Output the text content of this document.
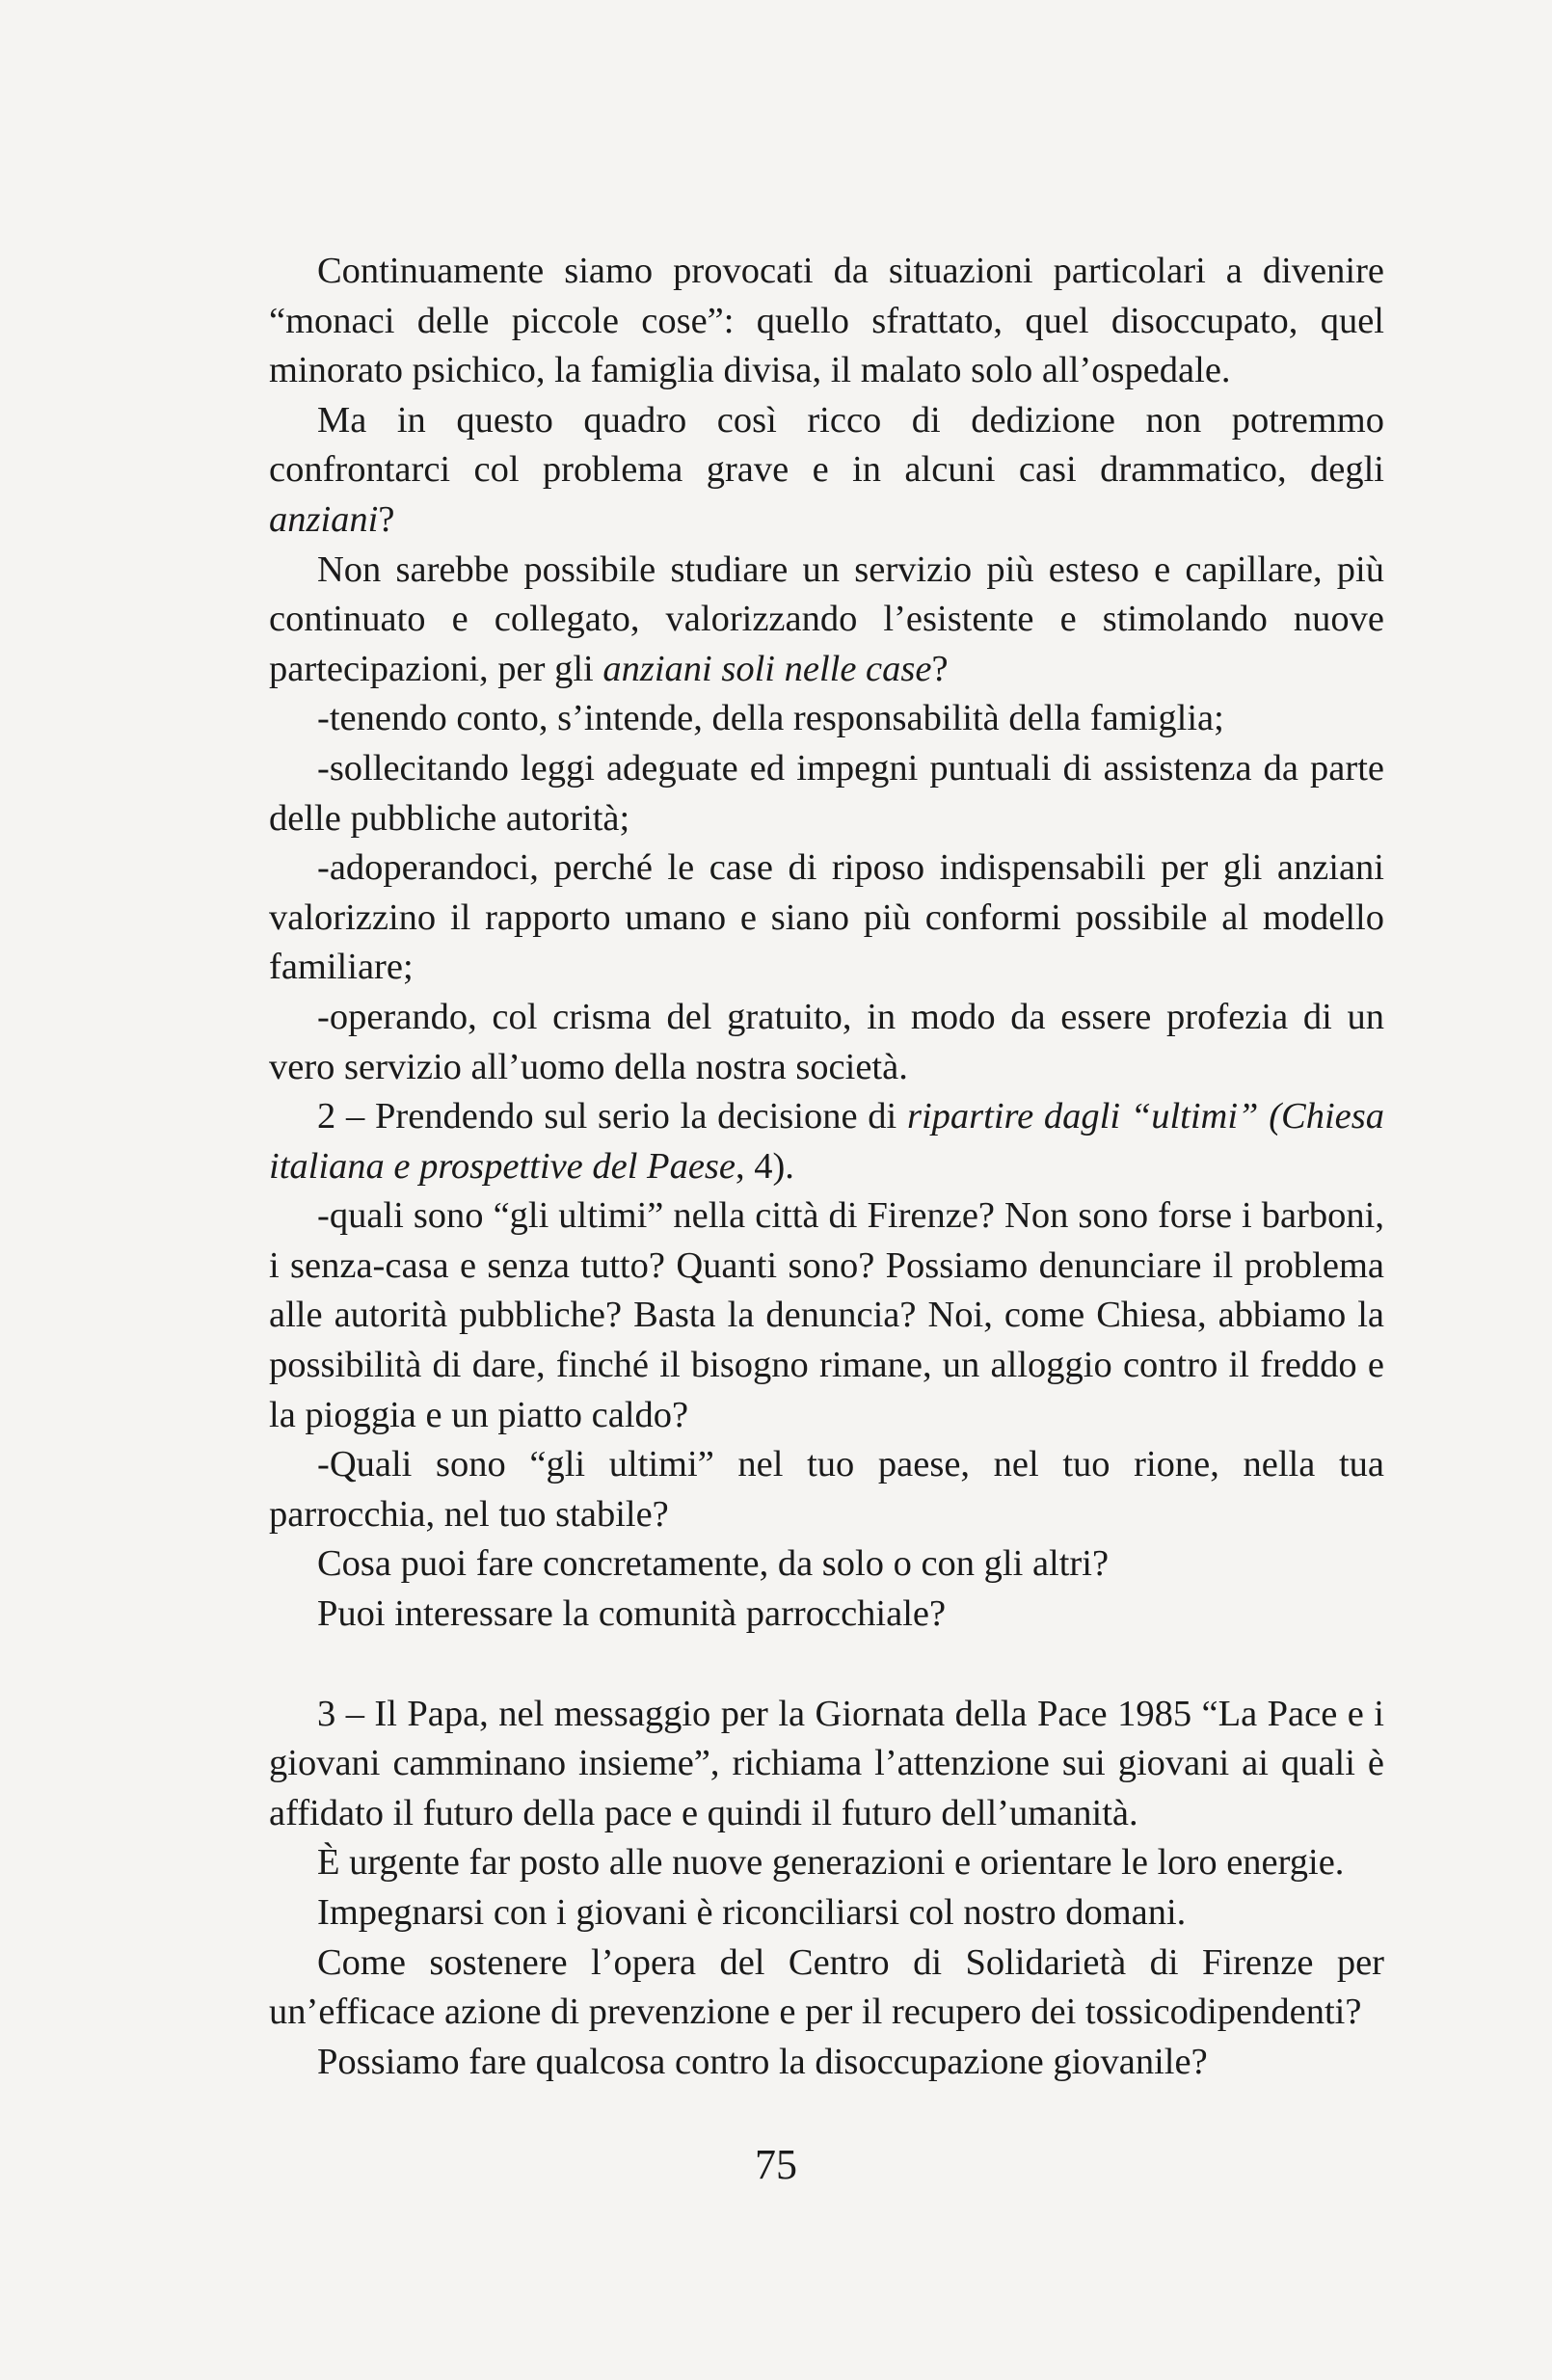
Continuamente siamo provocati da situazioni particolari a divenire “monaci delle piccole cose”: quello sfrattato, quel disoccupato, quel minorato psichico, la famiglia divisa, il malato solo all’ospedale.

Ma in questo quadro così ricco di dedizione non potremmo confrontarci col problema grave e in alcuni casi drammatico, degli anziani?

Non sarebbe possibile studiare un servizio più esteso e capillare, più continuato e collegato, valorizzando l’esistente e stimolando nuove partecipazioni, per gli anziani soli nelle case?

-tenendo conto, s’intende, della responsabilità della famiglia;

-sollecitando leggi adeguate ed impegni puntuali di assistenza da parte delle pubbliche autorità;

-adoperandoci, perché le case di riposo indispensabili per gli anziani valorizzino il rapporto umano e siano più conformi possibile al modello familiare;

-operando, col crisma del gratuito, in modo da essere profezia di un vero servizio all’uomo della nostra società.

2 – Prendendo sul serio la decisione di ripartire dagli “ultimi” (Chiesa italiana e prospettive del Paese, 4).

-quali sono “gli ultimi” nella città di Firenze? Non sono forse i barboni, i senza-casa e senza tutto? Quanti sono? Possiamo denunciare il problema alle autorità pubbliche? Basta la denuncia? Noi, come Chiesa, abbiamo la possibilità di dare, finché il bisogno rimane, un alloggio contro il freddo e la pioggia e un piatto caldo?

-Quali sono “gli ultimi” nel tuo paese, nel tuo rione, nella tua parrocchia, nel tuo stabile?

Cosa puoi fare concretamente, da solo o con gli altri?

Puoi interessare la comunità parrocchiale?

3 – Il Papa, nel messaggio per la Giornata della Pace 1985 “La Pace e i giovani camminano insieme”, richiama l’attenzione sui giovani ai quali è affidato il futuro della pace e quindi il futuro dell’umanità.

È urgente far posto alle nuove generazioni e orientare le loro energie.

Impegnarsi con i giovani è riconciliarsi col nostro domani.

Come sostenere l’opera del Centro di Solidarietà di Firenze per un’efficace azione di prevenzione e per il recupero dei tossicodipendenti?

Possiamo fare qualcosa contro la disoccupazione giovanile?

75
